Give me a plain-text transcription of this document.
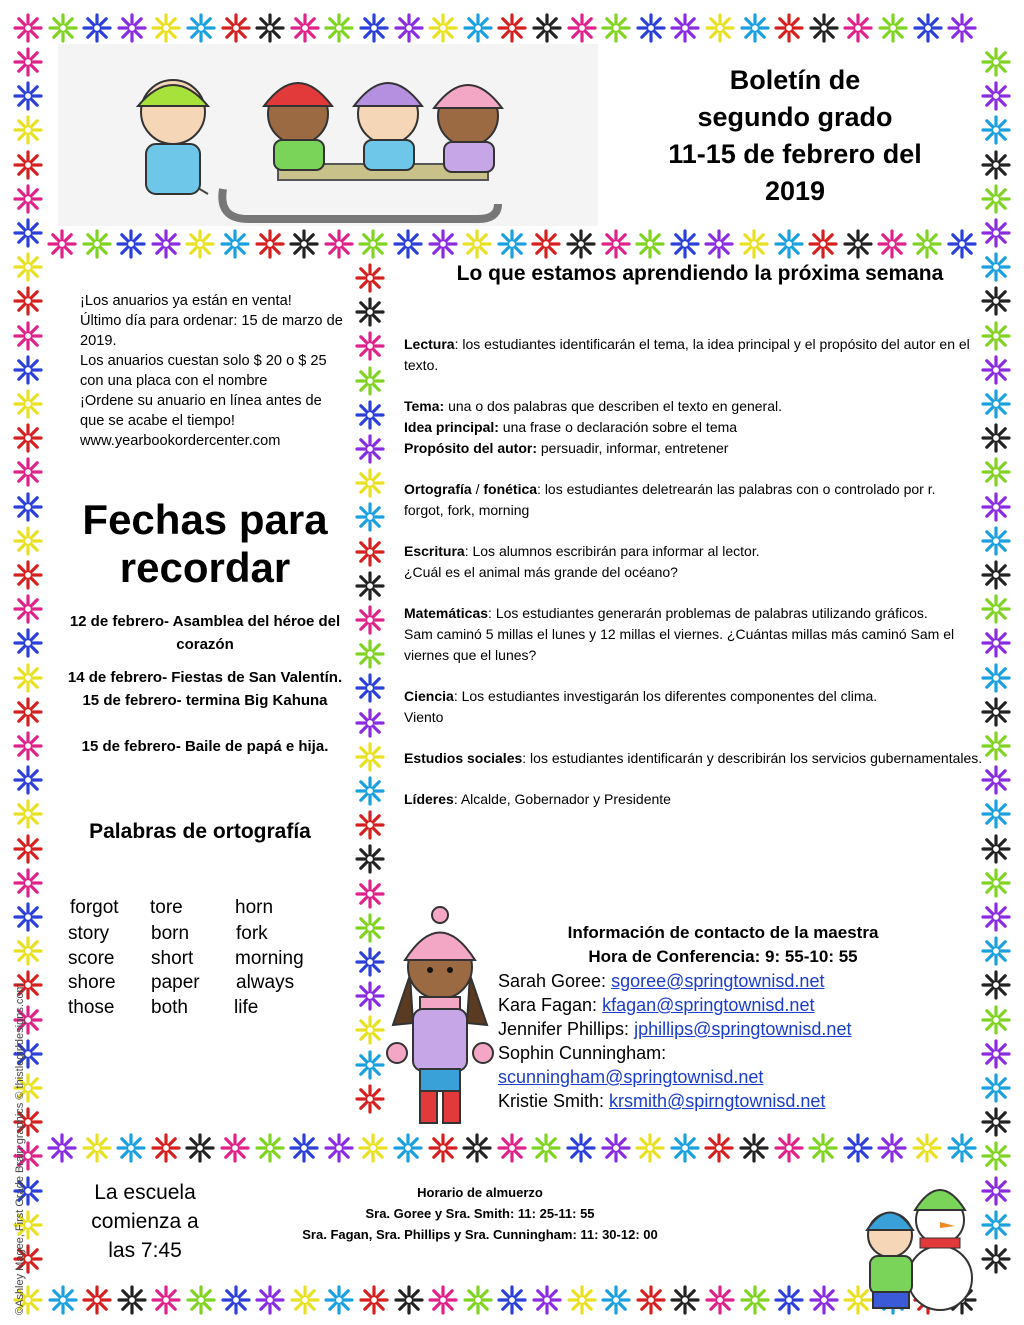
Boletín de
segundo grado
11-15 de febrero del
2019
Lo que estamos aprendiendo la próxima semana

Lectura: los estudiantes identificarán el tema, la idea principal y el propósito del autor en el texto.

Tema: una o dos palabras que describen el texto en general.

Idea principal: una frase o declaración sobre el tema

Propósito del autor: persuadir, informar, entretener

Ortografía / fonética: los estudiantes deletrearán las palabras con o controlado por r.
forgot, fork, morning

Escritura: Los alumnos escribirán para informar al lector.
¿Cuál es el animal más grande del océano?

Matemáticas: Los estudiantes generarán problemas de palabras utilizando gráficos.
Sam caminó 5 millas el lunes y 12 millas el viernes. ¿Cuántas millas más caminó Sam el viernes que el lunes?

Ciencia: Los estudiantes investigarán los diferentes componentes del clima.
Viento

Estudios sociales: los estudiantes identificarán y describirán los servicios gubernamentales.

Líderes: Alcalde, Gobernador y Presidente

¡Los anuarios ya están en venta!
Último día para ordenar: 15 de marzo de 2019.
Los anuarios cuestan solo $ 20 o $ 25 con una placa con el nombre
¡Ordene su anuario en línea antes de que se acabe el tiempo!
www.yearbookordercenter.com
Fechas para recordar

12 de febrero- Asamblea del héroe del corazón

14 de febrero- Fiestas de San Valentín.

15 de febrero- termina Big Kahuna

15 de febrero- Baile de papá e hija.

Palabras de ortografía
forgot tore	horn
story born fork
score short morning
shore paper always
those both life
Información de contacto de la maestra
Hora de Conferencia: 9: 55-10: 55
Sarah Goree: sgoree@springtownisd.net
Kara Fagan: kfagan@springtownisd.net
Jennifer Phillips: jphillips@springtownisd.net
Sophin Cunningham:
scunningham@springtownisd.net
Kristie Smith: krsmith@spirngtownisd.net
La escuela comienza a las 7:45
Horario de almuerzo
Sra. Goree y Sra. Smith: 11: 25-11: 55
Sra. Fagan, Sra. Phillips y Sra. Cunningham: 11: 30-12: 00
©Ashley Magee, First Grade Brain graphics © thistlegirldesigns.com
